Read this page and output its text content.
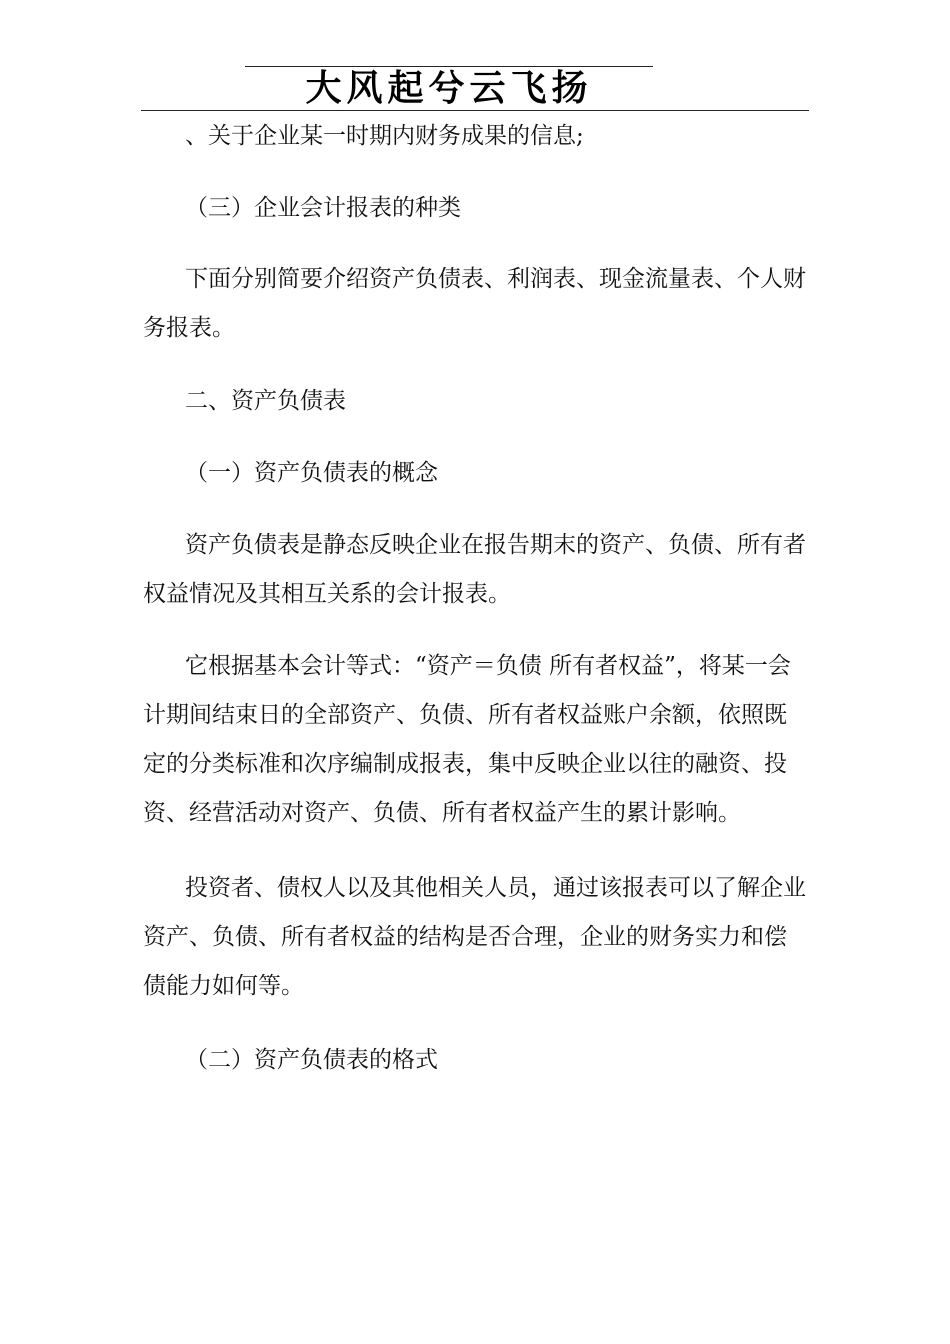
大风起兮云飞扬

、关于企业某一时期内财务成果的信息;

（三）企业会计报表的种类

下面分别简要介绍资产负债表、利润表、现金流量表、个人财务报表。

二、资产负债表

（一）资产负债表的概念

资产负债表是静态反映企业在报告期末的资产、负债、所有者权益情况及其相互关系的会计报表。

它根据基本会计等式：“资产＝负债 所有者权益”，将某一会计期间结束日的全部资产、负债、所有者权益账户余额，依照既定的分类标准和次序编制成报表，集中反映企业以往的融资、投资、经营活动对资产、负债、所有者权益产生的累计影响。

投资者、债权人以及其他相关人员，通过该报表可以了解企业资产、负债、所有者权益的结构是否合理，企业的财务实力和偿债能力如何等。

（二）资产负债表的格式
